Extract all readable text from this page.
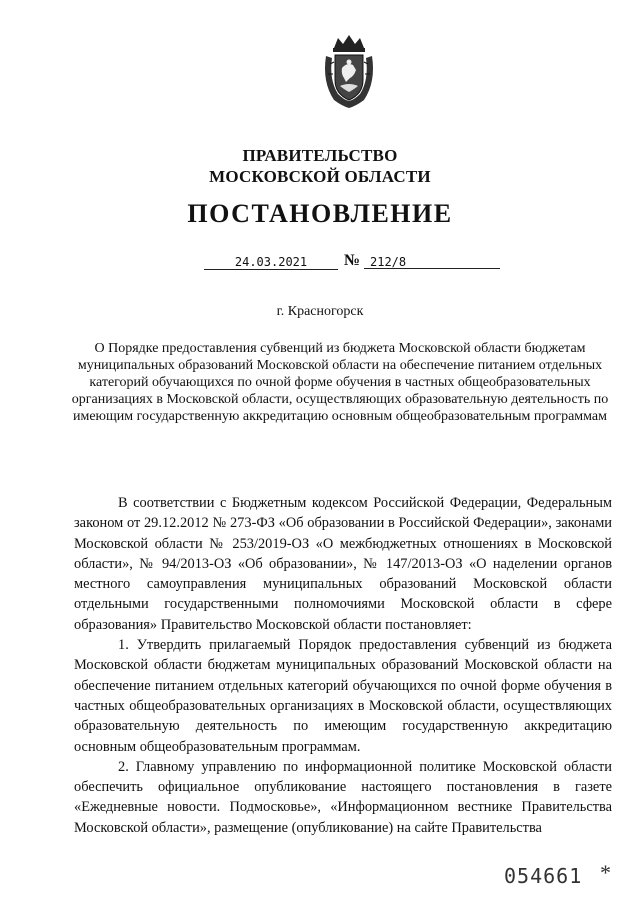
ПРАВИТЕЛЬСТВО
МОСКОВСКОЙ ОБЛАСТИ
ПОСТАНОВЛЕНИЕ
24.03.2021	№ 212/8
г. Красногорск
О Порядке предоставления субвенций из бюджета Московской области бюджетам муниципальных образований Московской области на обеспечение питанием отдельных категорий обучающихся по очной форме обучения в частных общеобразовательных организациях в Московской области, осуществляющих образовательную деятельность по имеющим государственную аккредитацию основным общеобразовательным программам

В соответствии с Бюджетным кодексом Российской Федерации, Федеральным законом от 29.12.2012 № 273-ФЗ «Об образовании в Российской Федерации», законами Московской области № 253/2019-ОЗ «О межбюджетных отношениях в Московской области», № 94/2013-ОЗ «Об образовании», № 147/2013-ОЗ «О наделении органов местного самоуправления муниципальных образований Московской области отдельными государственными полномочиями Московской области в сфере образования» Правительство Московской области постановляет:

1. Утвердить прилагаемый Порядок предоставления субвенций из бюджета Московской области бюджетам муниципальных образований Московской области на обеспечение питанием отдельных категорий обучающихся по очной форме обучения в частных общеобразовательных организациях в Московской области, осуществляющих образовательную деятельность по имеющим государственную аккредитацию основным общеобразовательным программам.

2. Главному управлению по информационной политике Московской области обеспечить официальное опубликование настоящего постановления в газете «Ежедневные новости. Подмосковье», «Информационном вестнике Правительства Московской области», размещение (опубликование) на сайте Правительства

054661 *
